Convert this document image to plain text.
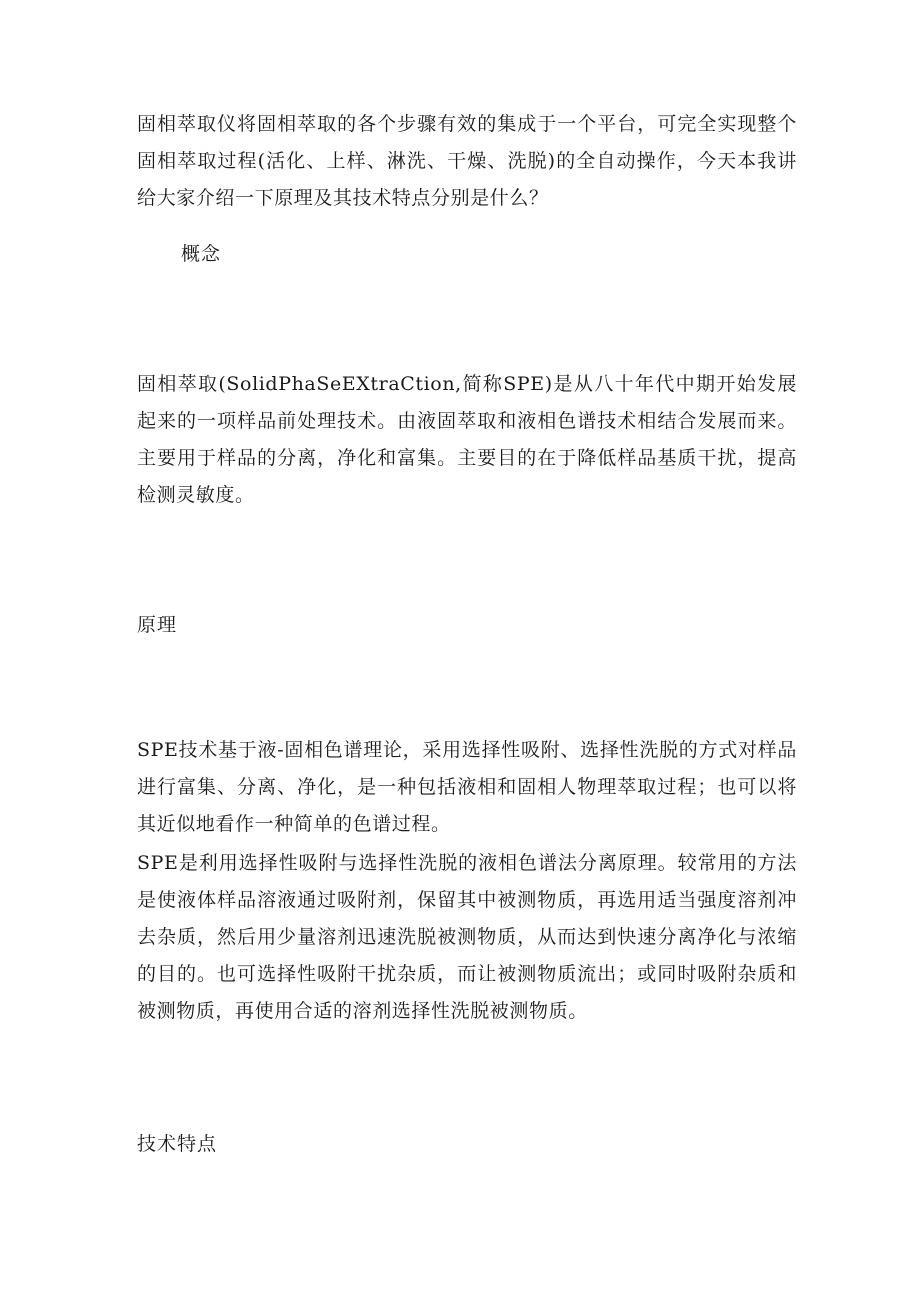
固相萃取仪将固相萃取的各个步骤有效的集成于一个平台，可完全实现整个固相萃取过程(活化、上样、淋洗、干燥、洗脱)的全自动操作，今天本我讲给大家介绍一下原理及其技术特点分别是什么？

概念

固相萃取(SolidPhaSeEXtraCtion,简称SPE)是从八十年代中期开始发展起来的一项样品前处理技术。由液固萃取和液相色谱技术相结合发展而来。主要用于样品的分离，净化和富集。主要目的在于降低样品基质干扰，提高检测灵敏度。

原理

SPE技术基于液-固相色谱理论，采用选择性吸附、选择性洗脱的方式对样品进行富集、分离、净化，是一种包括液相和固相人物理萃取过程；也可以将其近似地看作一种简单的色谱过程。

SPE是利用选择性吸附与选择性洗脱的液相色谱法分离原理。较常用的方法是使液体样品溶液通过吸附剂，保留其中被测物质，再选用适当强度溶剂冲去杂质，然后用少量溶剂迅速洗脱被测物质，从而达到快速分离净化与浓缩的目的。也可选择性吸附干扰杂质，而让被测物质流出；或同时吸附杂质和被测物质，再使用合适的溶剂选择性洗脱被测物质。

技术特点
